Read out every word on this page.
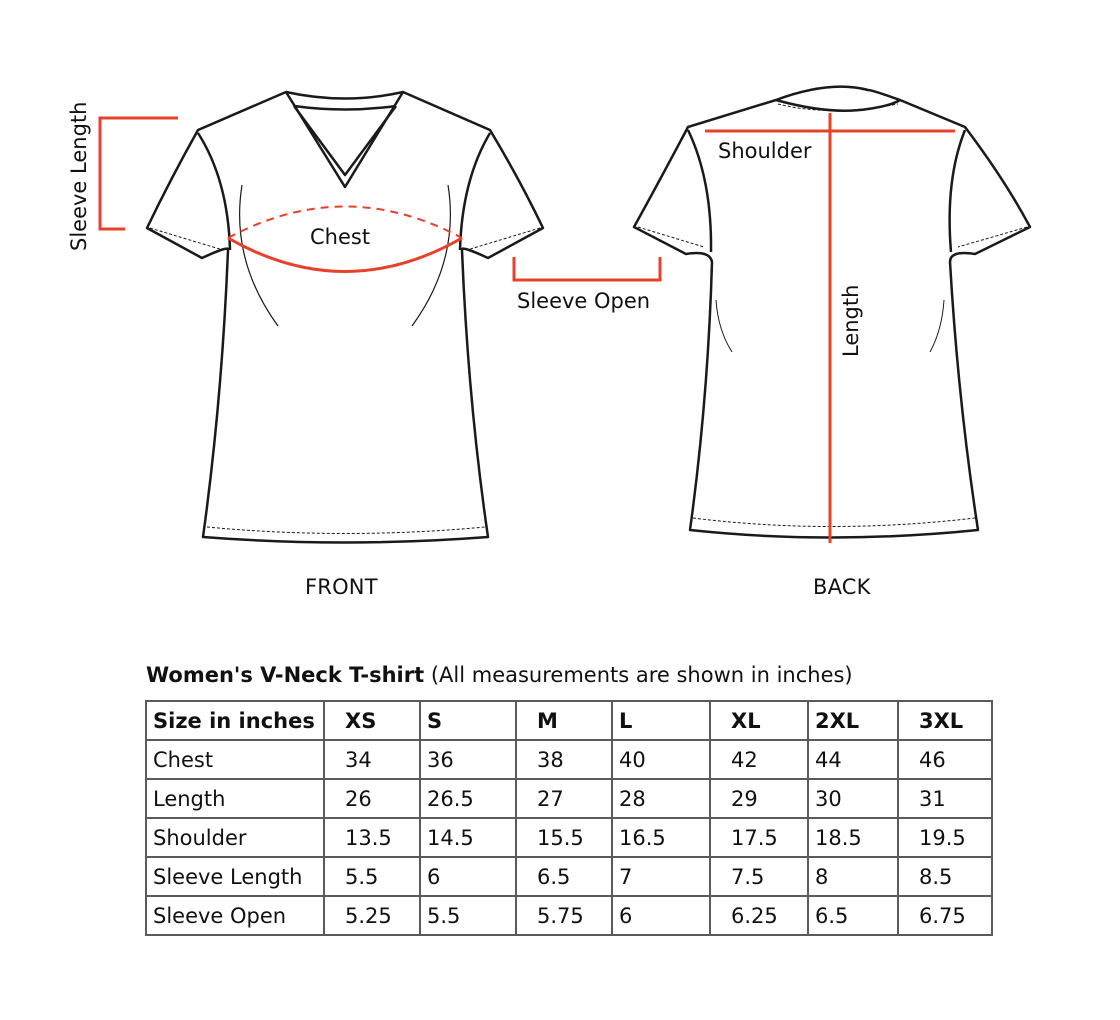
Sleeve Length	Chest
Sleeve Open
FRONT
Shoulder
Length
BACK
Women's V-Neck T-shirt (All measurements are shown in inches)
Size in inches	XS	S	M	L	XL	2XL	3XL
Chest	34	36	38	40	42	44	46
Length	26	26.5	27	28	29	30	31
Shoulder	13.5	14.5	15.5	16.5	17.5	18.5	19.5
Sleeve Length	5.5	6	6.5	7	7.5	8	8.5
Sleeve Open	5.25	5.5	5.75	6	6.25	6.5	6.75
